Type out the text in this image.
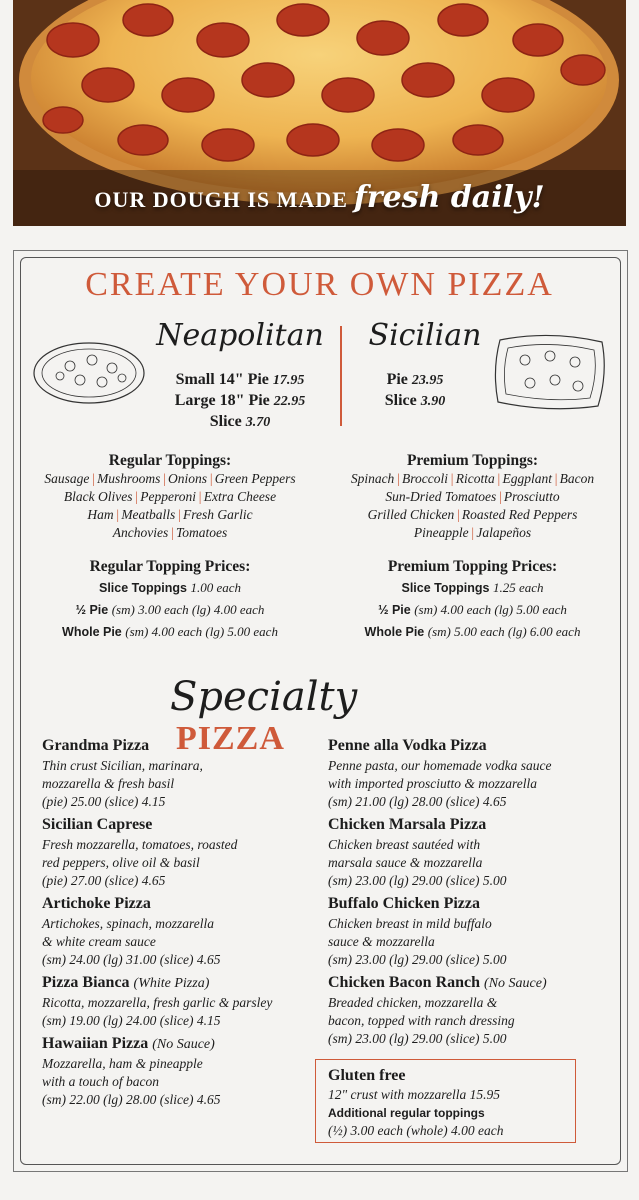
OUR DOUGH IS MADE fresh daily!
CREATE YOUR OWN PIZZA
Neapolitan
Small 14" Pie 17.95
Large 18" Pie 22.95
Slice 3.70
Sicilian
Pie 23.95
Slice 3.90
Regular Toppings:
Sausage | Mushrooms | Onions | Green Peppers
Black Olives | Pepperoni | Extra Cheese
Ham | Meatballs | Fresh Garlic
Anchovies | Tomatoes
Premium Toppings:
Spinach | Broccoli | Ricotta | Eggplant | Bacon
Sun-Dried Tomatoes | Prosciutto
Grilled Chicken | Roasted Red Peppers
Pineapple | Jalapeños
Regular Topping Prices:
Slice Toppings 1.00 each
½ Pie (sm) 3.00 each (lg) 4.00 each
Whole Pie (sm) 4.00 each (lg) 5.00 each
Premium Topping Prices:
Slice Toppings 1.25 each
½ Pie (sm) 4.00 each (lg) 5.00 each
Whole Pie (sm) 5.00 each (lg) 6.00 each
Specialty PIZZA
Grandma Pizza
Thin crust Sicilian, marinara,
mozzarella & fresh basil
(pie) 25.00 (slice) 4.15
Sicilian Caprese
Fresh mozzarella, tomatoes, roasted
red peppers, olive oil & basil
(pie) 27.00 (slice) 4.65
Artichoke Pizza
Artichokes, spinach, mozzarella
& white cream sauce
(sm) 24.00 (lg) 31.00 (slice) 4.65
Pizza Bianca (White Pizza)
Ricotta, mozzarella, fresh garlic & parsley
(sm) 19.00 (lg) 24.00 (slice) 4.15
Hawaiian Pizza (No Sauce)
Mozzarella, ham & pineapple
with a touch of bacon
(sm) 22.00 (lg) 28.00 (slice) 4.65
Penne alla Vodka Pizza
Penne pasta, our homemade vodka sauce
with imported prosciutto & mozzarella
(sm) 21.00 (lg) 28.00 (slice) 4.65
Chicken Marsala Pizza
Chicken breast sautéed with
marsala sauce & mozzarella
(sm) 23.00 (lg) 29.00 (slice) 5.00
Buffalo Chicken Pizza
Chicken breast in mild buffalo
sauce & mozzarella
(sm) 23.00 (lg) 29.00 (slice) 5.00
Chicken Bacon Ranch (No Sauce)
Breaded chicken, mozzarella &
bacon, topped with ranch dressing
(sm) 23.00 (lg) 29.00 (slice) 5.00
Gluten free
12" crust with mozzarella 15.95
Additional regular toppings
(½) 3.00 each (whole) 4.00 each
